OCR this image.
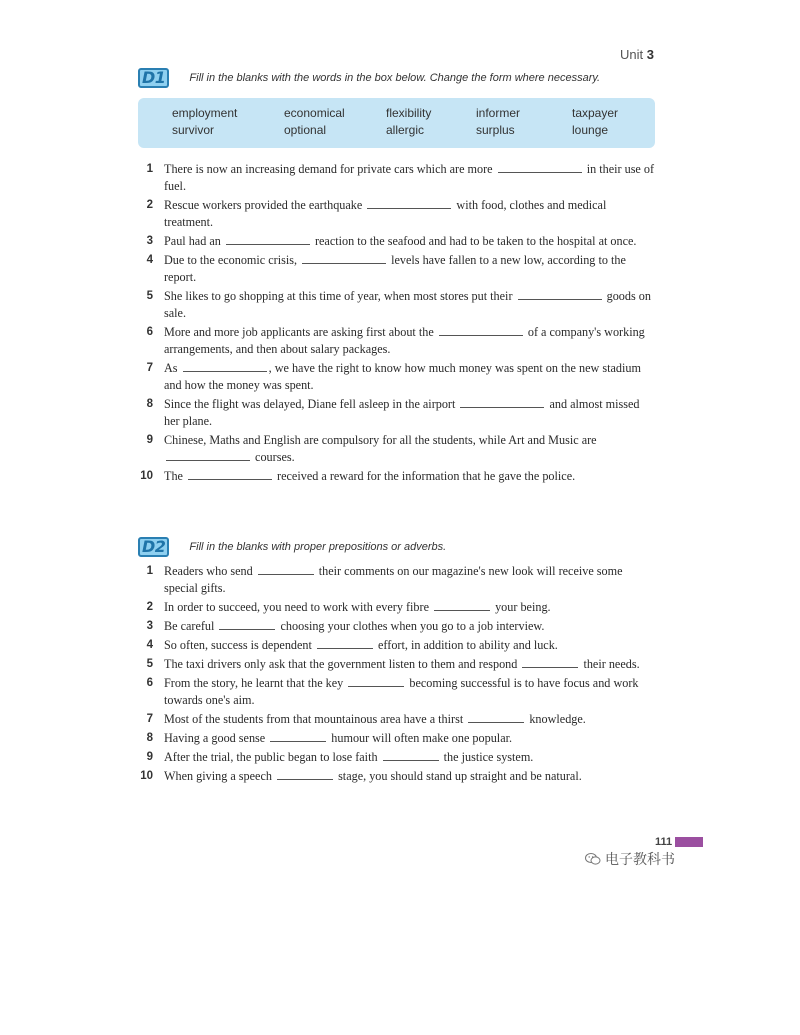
Unit 3
D1	Fill in the blanks with the words in the box below. Change the form where necessary.
employment	economical	flexibility	informer	taxpayer
survivor	optional	allergic	surplus	lounge
1 There is now an increasing demand for private cars which are more	in their use of fuel.
2 Rescue workers provided the earthquake	with food, clothes and medical treatment.
3 Paul had an	reaction to the seafood and had to be taken to the hospital at once.
4 Due to the economic crisis,	levels have fallen to a new low, according to the report.
5 She likes to go shopping at this time of year, when most stores put their	goods on sale.
6 More and more job applicants are asking first about the	of a company's working arrangements, and then about salary packages.
7 As	, we have the right to know how much money was spent on the new stadium and how the money was spent.
8 Since the flight was delayed, Diane fell asleep in the airport	and almost missed her plane.
9 Chinese, Maths and English are compulsory for all the students, while Art and Music are  courses.
10 The	received a reward for the information that he gave the police.
D2	Fill in the blanks with proper prepositions or adverbs.
1 Readers who send	their comments on our magazine's new look will receive some special gifts.
2 In order to succeed, you need to work with every fibre	your being.
3 Be careful	choosing your clothes when you go to a job interview.
4 So often, success is dependent	effort, in addition to ability and luck.
5 The taxi drivers only ask that the government listen to them and respond	their needs.
6 From the story, he learnt that the key	becoming successful is to have focus and work towards one's aim.
7 Most of the students from that mountainous area have a thirst	knowledge.
8 Having a good sense	humour will often make one popular.
9 After the trial, the public began to lose faith	the justice system.
10 When giving a speech	stage, you should stand up straight and be natural.
111
电子教科书
